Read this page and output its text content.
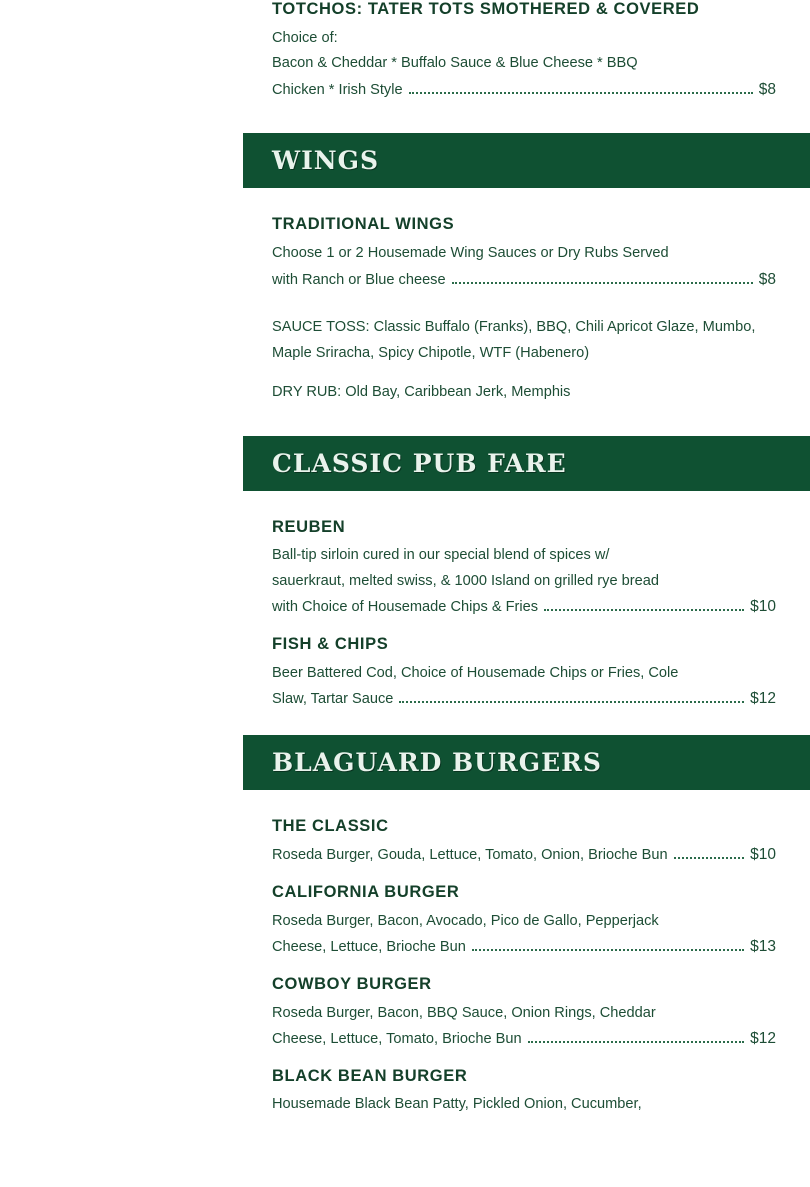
TOTCHOS: TATER TOTS SMOTHERED & COVERED
Choice of:
Bacon & Cheddar * Buffalo Sauce & Blue Cheese * BBQ
Chicken * Irish Style	$8
WINGS
TRADITIONAL WINGS
Choose 1 or 2 Housemade Wing Sauces or Dry Rubs Served
with Ranch or Blue cheese	$8
SAUCE TOSS: Classic Buffalo (Franks), BBQ, Chili Apricot Glaze, Mumbo,
Maple Sriracha, Spicy Chipotle, WTF (Habenero)
DRY RUB: Old Bay, Caribbean Jerk, Memphis
CLASSIC PUB FARE
REUBEN
Ball-tip sirloin cured in our special blend of spices w/
sauerkraut, melted swiss, & 1000 Island on grilled rye bread
with Choice of Housemade Chips & Fries	$10
FISH & CHIPS
Beer Battered Cod, Choice of Housemade Chips or Fries, Cole
Slaw, Tartar Sauce	$12
BLAGUARD BURGERS
THE CLASSIC
Roseda Burger, Gouda, Lettuce, Tomato, Onion, Brioche Bun	$10
CALIFORNIA BURGER
Roseda Burger, Bacon, Avocado, Pico de Gallo, Pepperjack
Cheese, Lettuce, Brioche Bun	$13
COWBOY BURGER
Roseda Burger, Bacon, BBQ Sauce, Onion Rings, Cheddar
Cheese, Lettuce, Tomato, Brioche Bun	$12
BLACK BEAN BURGER
Housemade Black Bean Patty, Pickled Onion, Cucumber,
